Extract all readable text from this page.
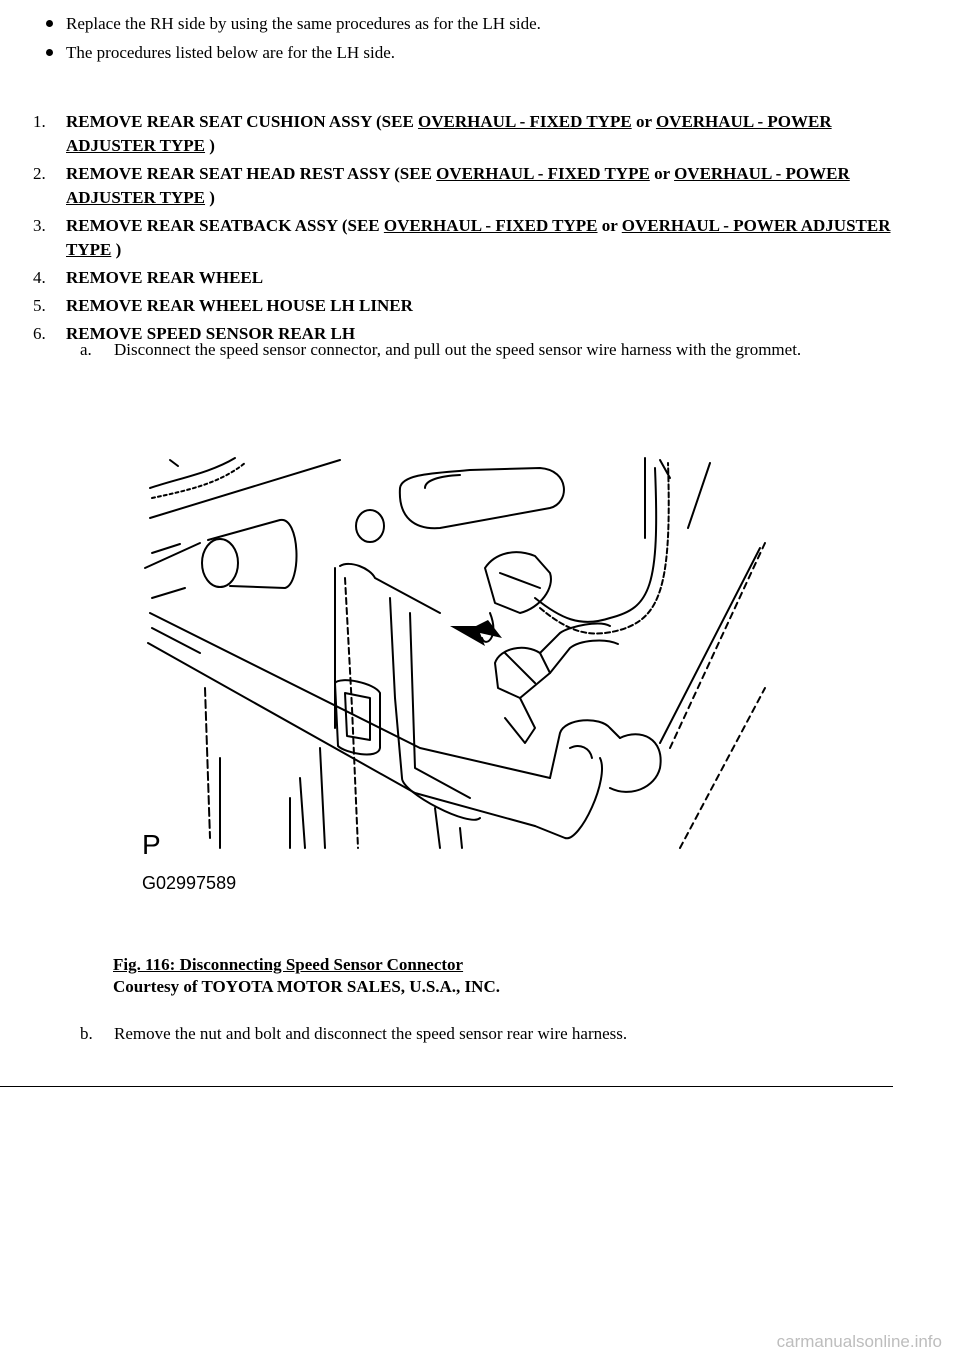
Replace the RH side by using the same procedures as for the LH side.
The procedures listed below are for the LH side.
1. REMOVE REAR SEAT CUSHION ASSY (SEE OVERHAUL - FIXED TYPE or OVERHAUL - POWER ADJUSTER TYPE )
2. REMOVE REAR SEAT HEAD REST ASSY (SEE OVERHAUL - FIXED TYPE or OVERHAUL - POWER ADJUSTER TYPE )
3. REMOVE REAR SEATBACK ASSY (SEE OVERHAUL - FIXED TYPE or OVERHAUL - POWER ADJUSTER TYPE )
4. REMOVE REAR WHEEL
5. REMOVE REAR WHEEL HOUSE LH LINER
6. REMOVE SPEED SENSOR REAR LH
a. Disconnect the speed sensor connector, and pull out the speed sensor wire harness with the grommet.
P
G02997589
Fig. 116: Disconnecting Speed Sensor Connector
Courtesy of TOYOTA MOTOR SALES, U.S.A., INC.
b. Remove the nut and bolt and disconnect the speed sensor rear wire harness.
carmanualsonline.info
